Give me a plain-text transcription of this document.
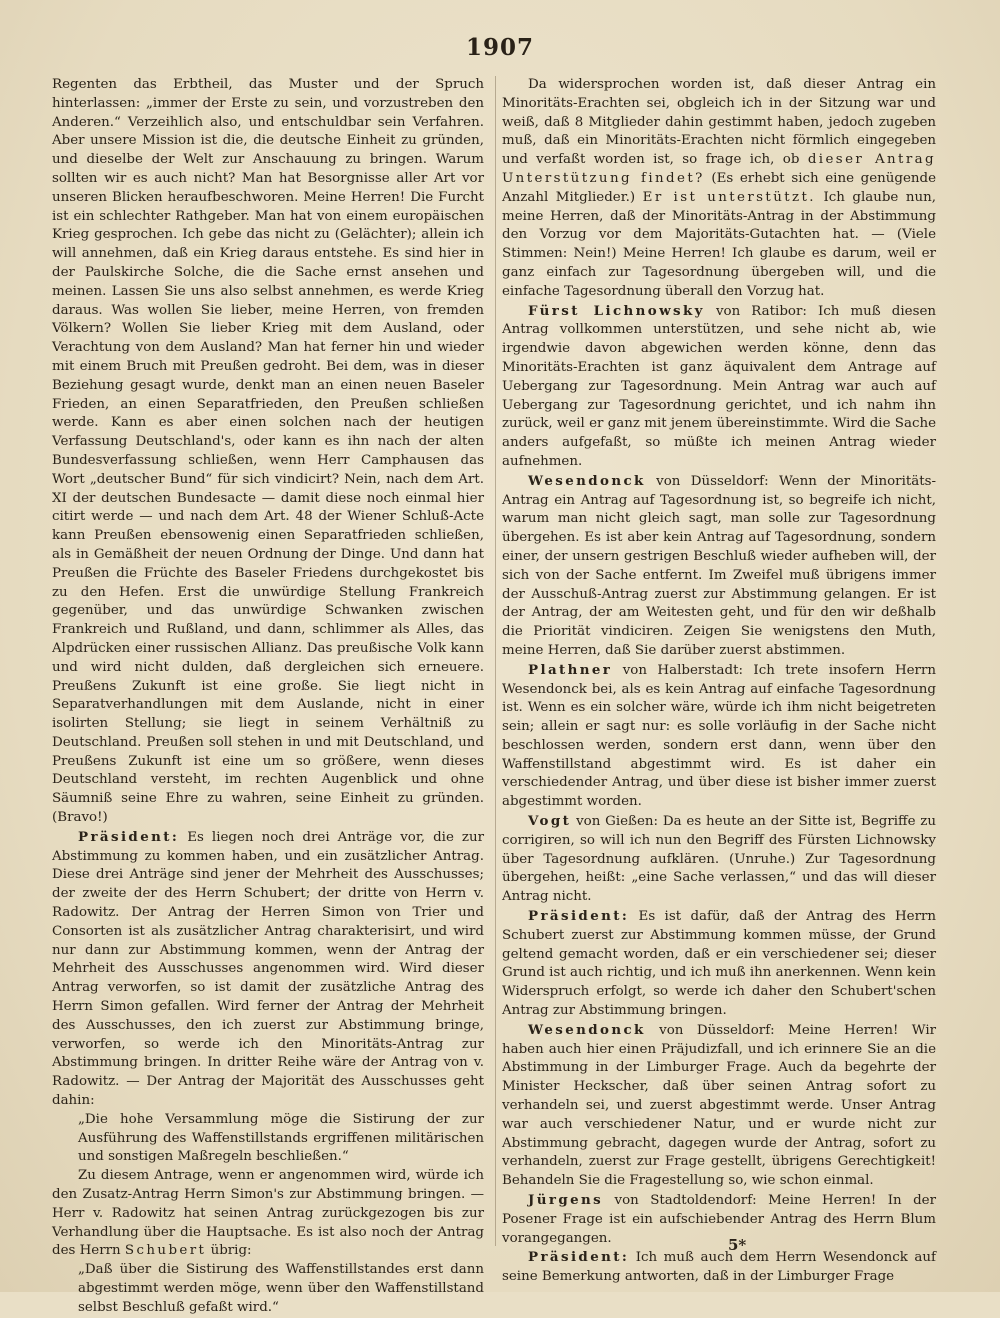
1907

Regenten das Erbtheil, das Muster und der Spruch hinterlassen: „immer der Erste zu sein, und vorzustreben den Anderen.“ Verzeihlich also, und entschuldbar sein Verfahren. Aber unsere Mission ist die, die deutsche Einheit zu gründen, und dieselbe der Welt zur Anschauung zu bringen. Warum sollten wir es auch nicht? Man hat Besorgnisse aller Art vor unseren Blicken heraufbeschworen. Meine Herren! Die Furcht ist ein schlechter Rathgeber. Man hat von einem europäischen Krieg gesprochen. Ich gebe das nicht zu (Gelächter); allein ich will annehmen, daß ein Krieg daraus entstehe. Es sind hier in der Paulskirche Solche, die die Sache ernst ansehen und meinen. Lassen Sie uns also selbst annehmen, es werde Krieg daraus. Was wollen Sie lieber, meine Herren, von fremden Völkern? Wollen Sie lieber Krieg mit dem Ausland, oder Verachtung von dem Ausland? Man hat ferner hin und wieder mit einem Bruch mit Preußen gedroht. Bei dem, was in dieser Beziehung gesagt wurde, denkt man an einen neuen Baseler Frieden, an einen Separatfrieden, den Preußen schließen werde. Kann es aber einen solchen nach der heutigen Verfassung Deutschland's, oder kann es ihn nach der alten Bundesverfassung schließen, wenn Herr Camphausen das Wort „deutscher Bund“ für sich vindicirt? Nein, nach dem Art. XI der deutschen Bundesacte — damit diese noch einmal hier citirt werde — und nach dem Art. 48 der Wiener Schluß-Acte kann Preußen ebensowenig einen Separatfrieden schließen, als in Gemäßheit der neuen Ordnung der Dinge. Und dann hat Preußen die Früchte des Baseler Friedens durchgekostet bis zu den Hefen. Erst die unwürdige Stellung Frankreich gegenüber, und das unwürdige Schwanken zwischen Frankreich und Rußland, und dann, schlimmer als Alles, das Alpdrücken einer russischen Allianz. Das preußische Volk kann und wird nicht dulden, daß dergleichen sich erneuere. Preußens Zukunft ist eine große. Sie liegt nicht in Separatverhandlungen mit dem Auslande, nicht in einer isolirten Stellung; sie liegt in seinem Verhältniß zu Deutschland. Preußen soll stehen in und mit Deutschland, und Preußens Zukunft ist eine um so größere, wenn dieses Deutschland versteht, im rechten Augenblick und ohne Säumniß seine Ehre zu wahren, seine Einheit zu gründen. (Bravo!)

Präsident: Es liegen noch drei Anträge vor, die zur Abstimmung zu kommen haben, und ein zusätzlicher Antrag. Diese drei Anträge sind jener der Mehrheit des Ausschusses; der zweite der des Herrn Schubert; der dritte von Herrn v. Radowitz. Der Antrag der Herren Simon von Trier und Consorten ist als zusätzlicher Antrag charakterisirt, und wird nur dann zur Abstimmung kommen, wenn der Antrag der Mehrheit des Ausschusses angenommen wird. Wird dieser Antrag verworfen, so ist damit der zusätzliche Antrag des Herrn Simon gefallen. Wird ferner der Antrag der Mehrheit des Ausschusses, den ich zuerst zur Abstimmung bringe, verworfen, so werde ich den Minoritäts-Antrag zur Abstimmung bringen. In dritter Reihe wäre der Antrag von v. Radowitz. — Der Antrag der Majorität des Ausschusses geht dahin:

„Die hohe Versammlung möge die Sistirung der zur Ausführung des Waffenstillstands ergriffenen militärischen und sonstigen Maßregeln beschließen.“

Zu diesem Antrage, wenn er angenommen wird, würde ich den Zusatz-Antrag Herrn Simon's zur Abstimmung bringen. — Herr v. Radowitz hat seinen Antrag zurückgezogen bis zur Verhandlung über die Hauptsache. Es ist also noch der Antrag des Herrn Schubert übrig:

„Daß über die Sistirung des Waffenstillstandes erst dann abgestimmt werden möge, wenn über den Waffenstillstand selbst Beschluß gefaßt wird.“

Da widersprochen worden ist, daß dieser Antrag ein Minoritäts-Erachten sei, obgleich ich in der Sitzung war und weiß, daß 8 Mitglieder dahin gestimmt haben, jedoch zugeben muß, daß ein Minoritäts-Erachten nicht förmlich eingegeben und verfaßt worden ist, so frage ich, ob dieser Antrag Unterstützung findet? (Es erhebt sich eine genügende Anzahl Mitglieder.) Er ist unterstützt. Ich glaube nun, meine Herren, daß der Minoritäts-Antrag in der Abstimmung den Vorzug vor dem Majoritäts-Gutachten hat. — (Viele Stimmen: Nein!) Meine Herren! Ich glaube es darum, weil er ganz einfach zur Tagesordnung übergeben will, und die einfache Tagesordnung überall den Vorzug hat.

Fürst Lichnowsky von Ratibor: Ich muß diesen Antrag vollkommen unterstützen, und sehe nicht ab, wie irgendwie davon abgewichen werden könne, denn das Minoritäts-Erachten ist ganz äquivalent dem Antrage auf Uebergang zur Tagesordnung. Mein Antrag war auch auf Uebergang zur Tagesordnung gerichtet, und ich nahm ihn zurück, weil er ganz mit jenem übereinstimmte. Wird die Sache anders aufgefaßt, so müßte ich meinen Antrag wieder aufnehmen.

Wesendonck von Düsseldorf: Wenn der Minoritäts-Antrag ein Antrag auf Tagesordnung ist, so begreife ich nicht, warum man nicht gleich sagt, man solle zur Tagesordnung übergehen. Es ist aber kein Antrag auf Tagesordnung, sondern einer, der unsern gestrigen Beschluß wieder aufheben will, der sich von der Sache entfernt. Im Zweifel muß übrigens immer der Ausschuß-Antrag zuerst zur Abstimmung gelangen. Er ist der Antrag, der am Weitesten geht, und für den wir deßhalb die Priorität vindiciren. Zeigen Sie wenigstens den Muth, meine Herren, daß Sie darüber zuerst abstimmen.

Plathner von Halberstadt: Ich trete insofern Herrn Wesendonck bei, als es kein Antrag auf einfache Tagesordnung ist. Wenn es ein solcher wäre, würde ich ihm nicht beigetreten sein; allein er sagt nur: es solle vorläufig in der Sache nicht beschlossen werden, sondern erst dann, wenn über den Waffenstillstand abgestimmt wird. Es ist daher ein verschiedender Antrag, und über diese ist bisher immer zuerst abgestimmt worden.

Vogt von Gießen: Da es heute an der Sitte ist, Begriffe zu corrigiren, so will ich nun den Begriff des Fürsten Lichnowsky über Tagesordnung aufklären. (Unruhe.) Zur Tagesordnung übergehen, heißt: „eine Sache verlassen,“ und das will dieser Antrag nicht.

Präsident: Es ist dafür, daß der Antrag des Herrn Schubert zuerst zur Abstimmung kommen müsse, der Grund geltend gemacht worden, daß er ein verschiedener sei; dieser Grund ist auch richtig, und ich muß ihn anerkennen. Wenn kein Widerspruch erfolgt, so werde ich daher den Schubert'schen Antrag zur Abstimmung bringen.

Wesendonck von Düsseldorf: Meine Herren! Wir haben auch hier einen Präjudizfall, und ich erinnere Sie an die Abstimmung in der Limburger Frage. Auch da begehrte der Minister Heckscher, daß über seinen Antrag sofort zu verhandeln sei, und zuerst abgestimmt werde. Unser Antrag war auch verschiedener Natur, und er wurde nicht zur Abstimmung gebracht, dagegen wurde der Antrag, sofort zu verhandeln, zuerst zur Frage gestellt, übrigens Gerechtigkeit! Behandeln Sie die Fragestellung so, wie schon einmal.

Jürgens von Stadtoldendorf: Meine Herren! In der Posener Frage ist ein aufschiebender Antrag des Herrn Blum vorangegangen.

Präsident: Ich muß auch dem Herrn Wesendonck auf seine Bemerkung antworten, daß in der Limburger Frage

5*
